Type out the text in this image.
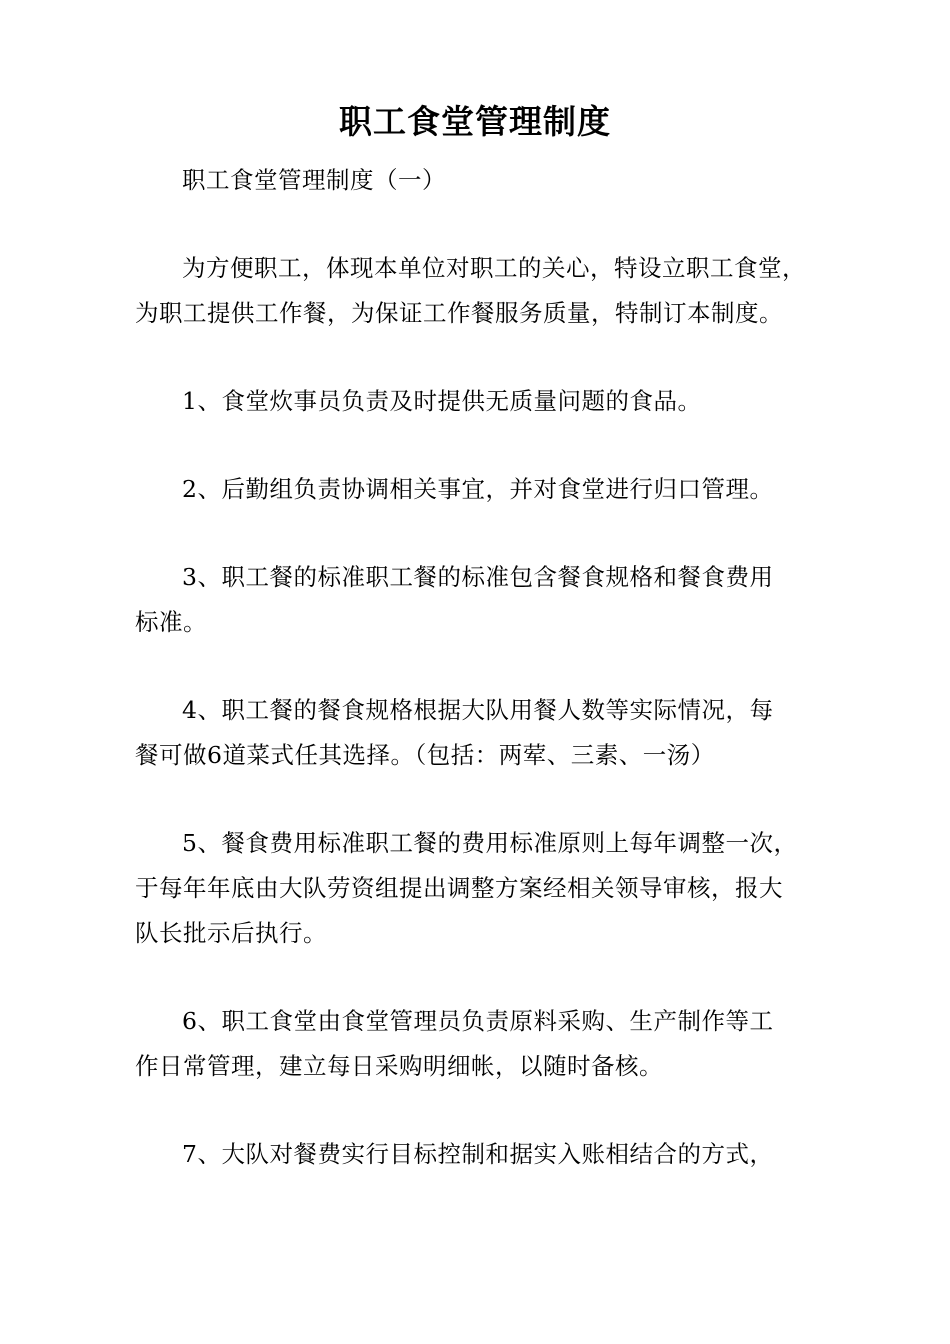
职工食堂管理制度
职工食堂管理制度（一）
为方便职工，体现本单位对职工的关心，特设立职工食堂，
为职工提供工作餐，为保证工作餐服务质量，特制订本制度。
1、食堂炊事员负责及时提供无质量问题的食品。
2、后勤组负责协调相关事宜，并对食堂进行归口管理。
3、职工餐的标准职工餐的标准包含餐食规格和餐食费用
标准。
4、职工餐的餐食规格根据大队用餐人数等实际情况，每
餐可做6道菜式任其选择。（包括：两荤、三素、一汤）
5、餐食费用标准职工餐的费用标准原则上每年调整一次，
于每年年底由大队劳资组提出调整方案经相关领导审核，报大
队长批示后执行。
6、职工食堂由食堂管理员负责原料采购、生产制作等工
作日常管理，建立每日采购明细帐，以随时备核。
7、大队对餐费实行目标控制和据实入账相结合的方式，
